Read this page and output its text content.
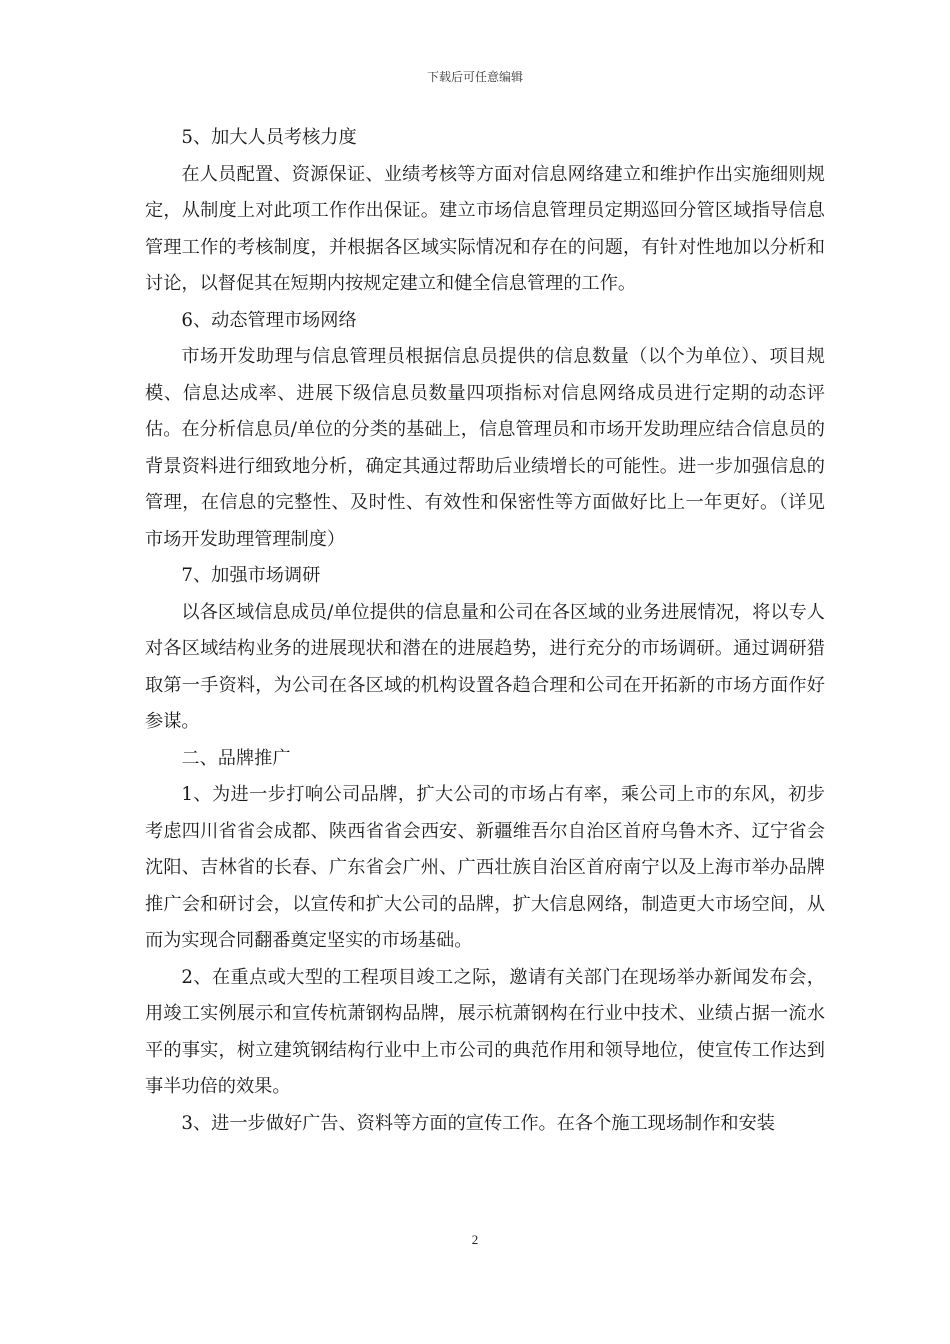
下载后可任意编辑

5、加大人员考核力度

在人员配置、资源保证、业绩考核等方面对信息网络建立和维护作出实施细则规定，从制度上对此项工作作出保证。建立市场信息管理员定期巡回分管区域指导信息管理工作的考核制度，并根据各区域实际情况和存在的问题，有针对性地加以分析和讨论，以督促其在短期内按规定建立和健全信息管理的工作。

6、动态管理市场网络

市场开发助理与信息管理员根据信息员提供的信息数量（以个为单位）、项目规模、信息达成率、进展下级信息员数量四项指标对信息网络成员进行定期的动态评估。在分析信息员/单位的分类的基础上，信息管理员和市场开发助理应结合信息员的背景资料进行细致地分析，确定其通过帮助后业绩增长的可能性。进一步加强信息的管理，在信息的完整性、及时性、有效性和保密性等方面做好比上一年更好。（详见市场开发助理管理制度）

7、加强市场调研

以各区域信息成员/单位提供的信息量和公司在各区域的业务进展情况，将以专人对各区域结构业务的进展现状和潜在的进展趋势，进行充分的市场调研。通过调研猎取第一手资料，为公司在各区域的机构设置各趋合理和公司在开拓新的市场方面作好参谋。

二、品牌推广

1、为进一步打响公司品牌，扩大公司的市场占有率，乘公司上市的东风，初步考虑四川省省会成都、陕西省省会西安、新疆维吾尔自治区首府乌鲁木齐、辽宁省会沈阳、吉林省的长春、广东省会广州、广西壮族自治区首府南宁以及上海市举办品牌推广会和研讨会，以宣传和扩大公司的品牌，扩大信息网络，制造更大市场空间，从而为实现合同翻番奠定坚实的市场基础。

2、在重点或大型的工程项目竣工之际，邀请有关部门在现场举办新闻发布会，用竣工实例展示和宣传杭萧钢构品牌，展示杭萧钢构在行业中技术、业绩占据一流水平的事实，树立建筑钢结构行业中上市公司的典范作用和领导地位，使宣传工作达到事半功倍的效果。

3、进一步做好广告、资料等方面的宣传工作。在各个施工现场制作和安装

2
